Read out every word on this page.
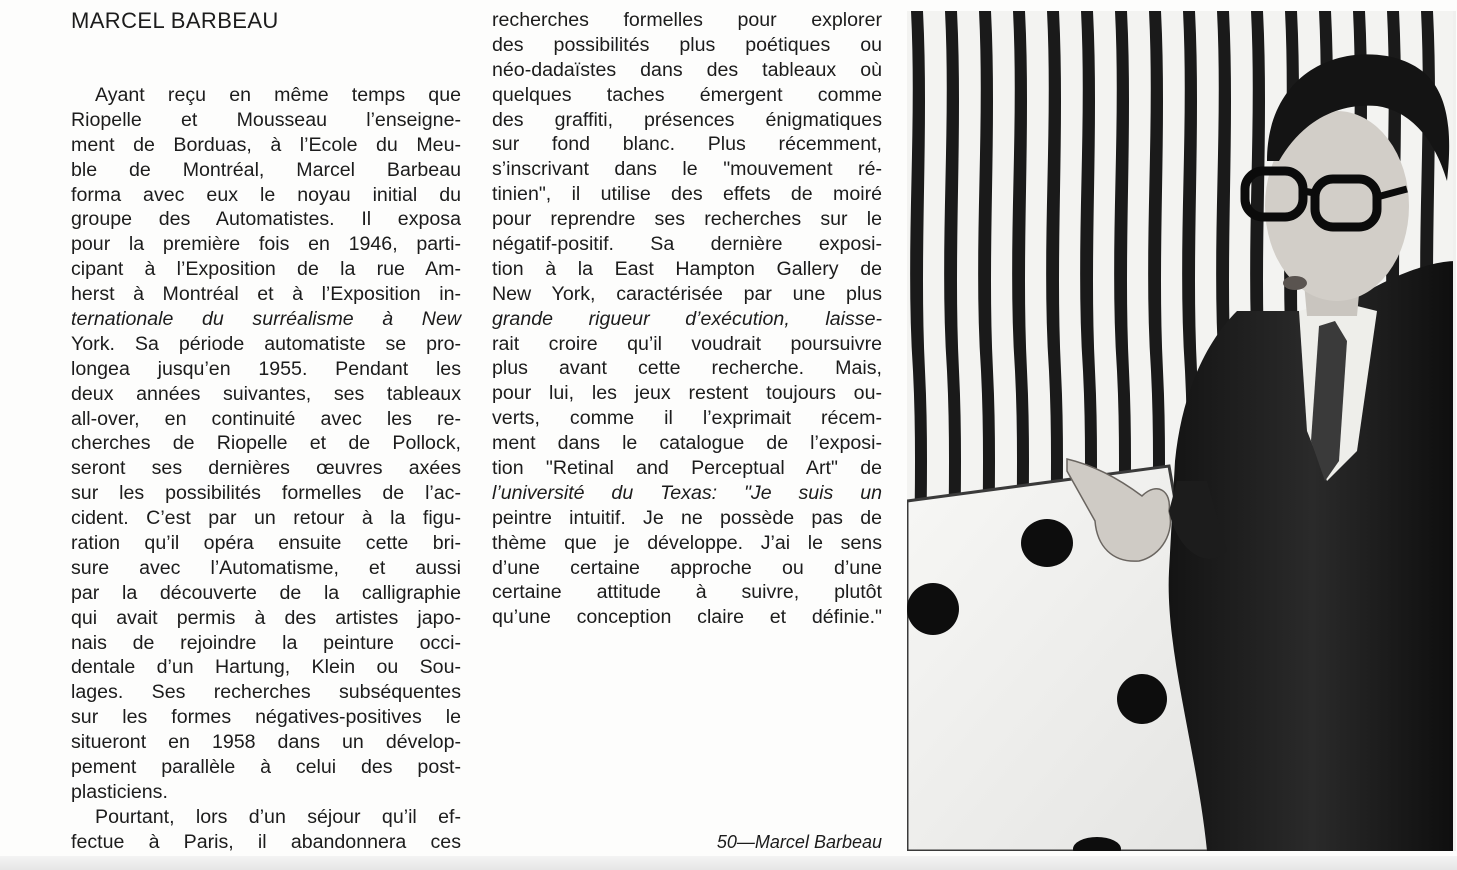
MARCEL BARBEAU
Ayant reçu en même temps que
Riopelle et Mousseau l’enseigne-
ment de Borduas, à l’Ecole du Meu-
ble de Montréal, Marcel Barbeau
forma avec eux le noyau initial du
groupe des Automatistes. Il exposa
pour la première fois en 1946, parti-
cipant à l’Exposition de la rue Am-
herst à Montréal et à l’Exposition in-
ternationale du surréalisme à New
York. Sa période automatiste se pro-
longea jusqu’en 1955. Pendant les
deux années suivantes, ses tableaux
all-over, en continuité avec les re-
cherches de Riopelle et de Pollock,
seront ses dernières œuvres axées
sur les possibilités formelles de l’ac-
cident. C’est par un retour à la figu-
ration qu’il opéra ensuite cette bri-
sure avec l’Automatisme, et aussi
par la découverte de la calligraphie
qui avait permis à des artistes japo-
nais de rejoindre la peinture occi-
dentale d’un Hartung, Klein ou Sou-
lages. Ses recherches subséquentes
sur les formes négatives-positives le
situeront en 1958 dans un dévelop-
pement parallèle à celui des post-
plasticiens.
Pourtant, lors d’un séjour qu’il ef-
fectue à Paris, il abandonnera ces
recherches formelles pour explorer
des possibilités plus poétiques ou
néo-dadaïstes dans des tableaux où
quelques taches émergent comme
des graffiti, présences énigmatiques
sur fond blanc. Plus récemment,
s’inscrivant dans le "mouvement ré-
tinien", il utilise des effets de moiré
pour reprendre ses recherches sur le
négatif-positif. Sa dernière exposi-
tion à la East Hampton Gallery de
New York, caractérisée par une plus
grande rigueur d’exécution, laisse-
rait croire qu’il voudrait poursuivre
plus avant cette recherche. Mais,
pour lui, les jeux restent toujours ou-
verts, comme il l’exprimait récem-
ment dans le catalogue de l’exposi-
tion "Retinal and Perceptual Art" de
l’université du Texas: "Je suis un
peintre intuitif. Je ne possède pas de
thème que je développe. J’ai le sens
d’une certaine approche ou d’une
certaine attitude à suivre, plutôt
qu’une conception claire et définie."
50—Marcel Barbeau
